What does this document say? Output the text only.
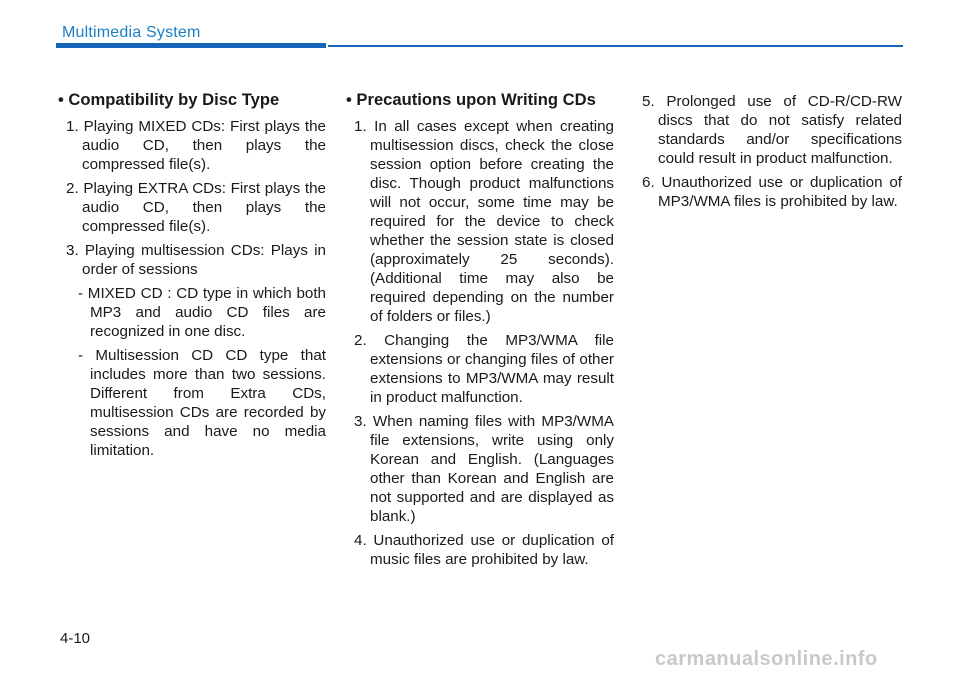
Multimedia System
• Compatibility by Disc Type

1. Playing MIXED CDs: First plays the audio CD, then plays the compressed file(s).

2. Playing EXTRA CDs: First plays the audio CD, then plays the compressed file(s).

3. Playing multisession CDs: Plays in order of sessions

- MIXED CD : CD type in which both MP3 and audio CD files are recognized in one disc.

- Multisession CD CD type that includes more than two sessions. Different from Extra CDs, multisession CDs are recorded by sessions and have no media limitation.

• Precautions upon Writing CDs

1. In all cases except when creating multisession discs, check the close session option before creating the disc. Though product malfunctions will not occur, some time may be required for the device to check whether the session state is closed (approximately 25 seconds). (Additional time may also be required depending on the number of folders or files.)

2. Changing the MP3/WMA file extensions or changing files of other extensions to MP3/WMA may result in product malfunction.

3. When naming files with MP3/WMA file extensions, write using only Korean and English. (Languages other than Korean and English are not supported and are displayed as blank.)

4. Unauthorized use or duplication of music files are prohibited by law.

5. Prolonged use of CD-R/CD-RW discs that do not satisfy related standards and/or specifications could result in product malfunction.

6. Unauthorized use or duplication of MP3/WMA files is prohibited by law.

4-10
carmanualsonline.info
